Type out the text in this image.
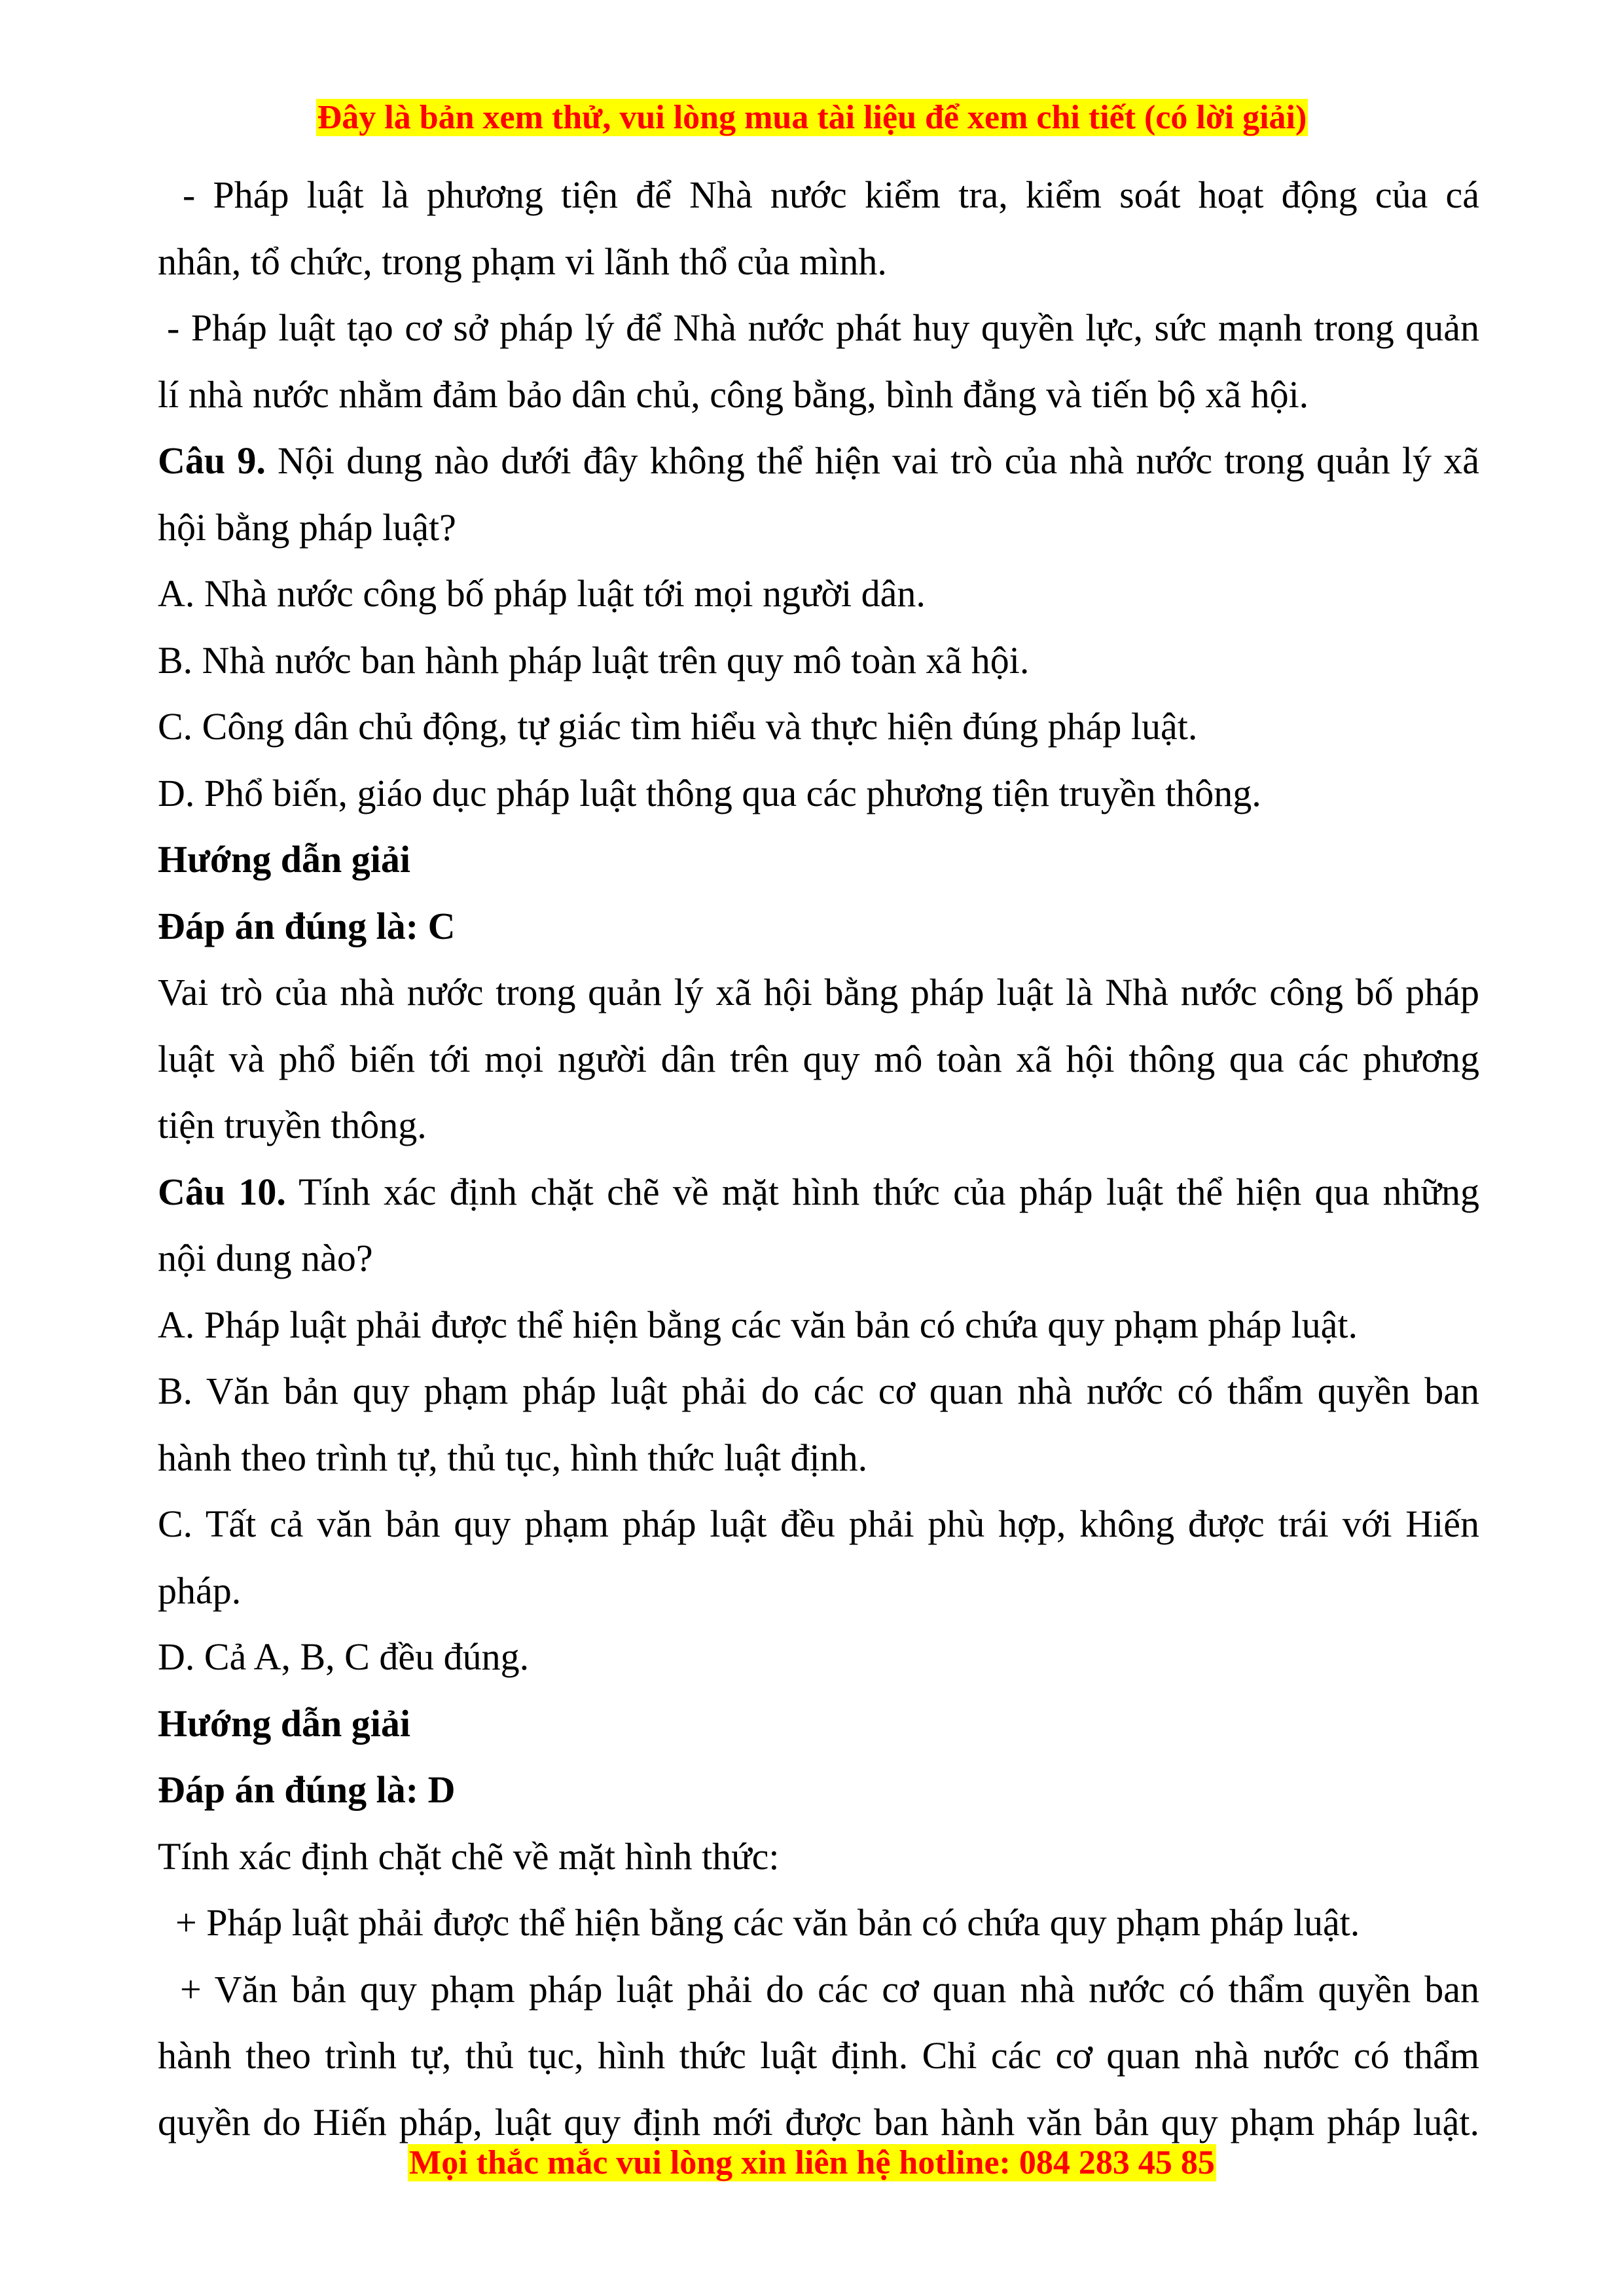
Đây là bản xem thử, vui lòng mua tài liệu để xem chi tiết (có lời giải)
- Pháp luật là phương tiện để Nhà nước kiểm tra, kiểm soát hoạt động của cá
nhân, tổ chức, trong phạm vi lãnh thổ của mình.
- Pháp luật tạo cơ sở pháp lý để Nhà nước phát huy quyền lực, sức mạnh trong quản
lí nhà nước nhằm đảm bảo dân chủ, công bằng, bình đẳng và tiến bộ xã hội.
Câu 9. Nội dung nào dưới đây không thể hiện vai trò của nhà nước trong quản lý xã
hội bằng pháp luật?
A. Nhà nước công bố pháp luật tới mọi người dân.
B. Nhà nước ban hành pháp luật trên quy mô toàn xã hội.
C. Công dân chủ động, tự giác tìm hiểu và thực hiện đúng pháp luật.
D. Phổ biến, giáo dục pháp luật thông qua các phương tiện truyền thông.
Hướng dẫn giải
Đáp án đúng là: C
Vai trò của nhà nước trong quản lý xã hội bằng pháp luật là Nhà nước công bố pháp
luật và phổ biến tới mọi người dân trên quy mô toàn xã hội thông qua các phương
tiện truyền thông.
Câu 10. Tính xác định chặt chẽ về mặt hình thức của pháp luật thể hiện qua những
nội dung nào?
A. Pháp luật phải được thể hiện bằng các văn bản có chứa quy phạm pháp luật.
B. Văn bản quy phạm pháp luật phải do các cơ quan nhà nước có thẩm quyền ban
hành theo trình tự, thủ tục, hình thức luật định.
C. Tất cả văn bản quy phạm pháp luật đều phải phù hợp, không được trái với Hiến
pháp.
D. Cả A, B, C đều đúng.
Hướng dẫn giải
Đáp án đúng là: D
Tính xác định chặt chẽ về mặt hình thức:
+ Pháp luật phải được thể hiện bằng các văn bản có chứa quy phạm pháp luật.
+ Văn bản quy phạm pháp luật phải do các cơ quan nhà nước có thẩm quyền ban
hành theo trình tự, thủ tục, hình thức luật định. Chỉ các cơ quan nhà nước có thẩm
quyền do Hiến pháp, luật quy định mới được ban hành văn bản quy phạm pháp luật.
Mọi thắc mắc vui lòng xin liên hệ hotline: 084 283 45 85
